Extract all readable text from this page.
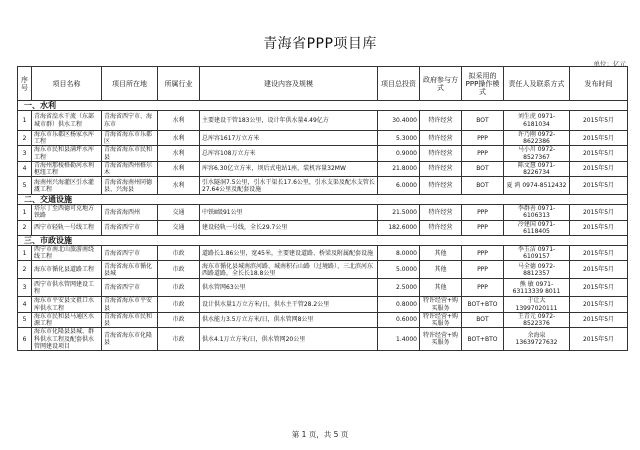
青海省PPP项目库
单位：亿元
序号	项目名称	项目所在地	所属行业	建设内容及规模	项目总投资	政府参与方式	拟采用的PPP操作模式	责任人及联系方式	发布时间
一、水利									
1	青海省湟水干流（东部城市群）供水工程	青海省西宁市、海东市	水利	主要建设干管183公里，设计年供水量4.49亿方	30.4000	特许经营	BOT	刘生虎 0971-6181034	2015年5月
2	海东市乐都区杨家水库工程	青海省海东市乐都区	水利	总库容1617万立方米	5.3000	特许经营	PPP	许乃刚 0972-8622386	2015年5月
3	海东市民和县满坪水库工程	青海省海东市民和县	水利	总库容108万立方米	0.9000	特许经营	PPP	马小川 0972-8527367	2015年5月
4	青海州那棱格勒河水利枢纽工程	青海省海西州格尔木	水利	库容6.30亿立方米，坝后式电站1座，装机容量32MW	21.8000	特许经营	BOT	陈文慧 0971-8226734	2015年5月
5	海南州兴海灌区引水灌溉工程	青海省海南州同德县、兴海县	水利	引水隧洞7.5公里，引水干渠长17.6公里，引水支渠及配水支管长27.64公里及配套设施	6.0000	特许经营	BOT	夏 鸿 0974-8512432	2015年5月
二、交通设施									
1	塔尔丁至西德可克地方铁路	青海省海西州	交通	中铁Ⅱ级91公里	21.5000	特许经营	PPP	李群善 0971-6106313	2015年5月
2	西宁市轻轨一号线工程	青海省西宁市	交通	建设轻轨一号线，全长29.7公里	182.6000	特许经营	PPP	冷建国 0971-6118405	2015年5月
三、市政设施									
1	西宁市南北山旅游南绕线工程	青海省西宁市	市政	道路长1.86公里，宽45米，主要建设道路、桥梁及附属配套设施	8.0000	其他	PPP	李玉洁 0971-6109157	2015年5月
2	海东市循化县道路工程	青海省海东市循化县城	市政	海东市循化县城南滨河路、城南积石山路（过境路）、三北滨河东西路道路，全长长18.8公里	5.0000	其他	PPP	马全德 0972-8812357	2015年5月
3	西宁市供水管网建设工程	青海省西宁市	市政	供水管网63公里	2.5000	其他	PPP	熊 敏 0971-63113339 8011	2015年5月
4	海东市平安县文祖口水库供水工程	青海省海东市平安县	市政	设计供水量1万立方米/日，供水主干管28.2公里	0.8000	特许经营+购买服务	BOT+BTO	于让大 13997020111	2015年5月
5	海东市民和县马通区水源工程	青海省海东市民和县	市政	供水能力3.5万立方米/日，供水管网8公里	0.6000	特许经营+购买服务	BOT	王青元 0972-8522376	2015年5月
6	海东市化隆县县城、群科供水工程及配套供水管网建设项目	青海省海东市化隆县	市政	供水4.1万立方米/日，供水管网20公里	1.4000	特许经营+购买服务	BOT+BTO	余海泉 13639727632	2015年5月
第 1 页，共 5 页
